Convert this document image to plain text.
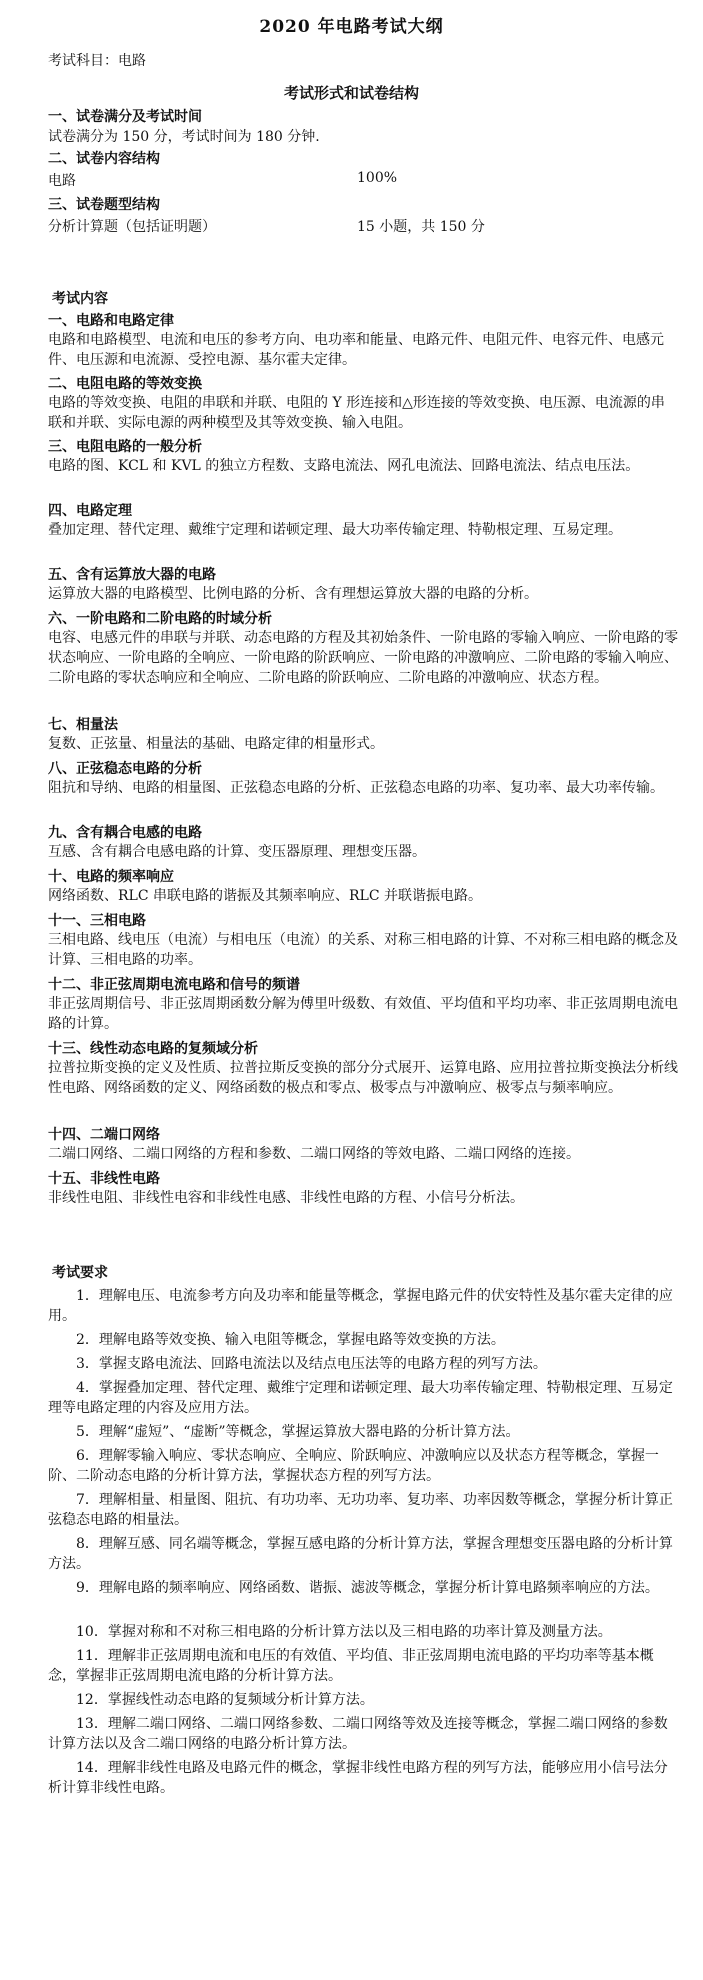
2020 年电路考试大纲
考试科目：电路
考试形式和试卷结构
一、试卷满分及考试时间
试卷满分为 150 分，考试时间为 180 分钟.
二、试卷内容结构
电路	100%
三、试卷题型结构
分析计算题（包括证明题）	15 小题，共 150 分
考试内容
一、电路和电路定律
电路和电路模型、电流和电压的参考方向、电功率和能量、电路元件、电阻元件、电容元件、电感元件、电压源和电流源、受控电源、基尔霍夫定律。
二、电阻电路的等效变换
电路的等效变换、电阻的串联和并联、电阻的 Y 形连接和△形连接的等效变换、电压源、电流源的串联和并联、实际电源的两种模型及其等效变换、输入电阻。
三、电阻电路的一般分析
电路的图、KCL 和 KVL 的独立方程数、支路电流法、网孔电流法、回路电流法、结点电压法。
四、电路定理
叠加定理、替代定理、戴维宁定理和诺顿定理、最大功率传输定理、特勒根定理、互易定理。
五、含有运算放大器的电路
运算放大器的电路模型、比例电路的分析、含有理想运算放大器的电路的分析。
六、一阶电路和二阶电路的时域分析
电容、电感元件的串联与并联、动态电路的方程及其初始条件、一阶电路的零输入响应、一阶电路的零状态响应、一阶电路的全响应、一阶电路的阶跃响应、一阶电路的冲激响应、二阶电路的零输入响应、二阶电路的零状态响应和全响应、二阶电路的阶跃响应、二阶电路的冲激响应、状态方程。
七、相量法
复数、正弦量、相量法的基础、电路定律的相量形式。
八、正弦稳态电路的分析
阻抗和导纳、电路的相量图、正弦稳态电路的分析、正弦稳态电路的功率、复功率、最大功率传输。
九、含有耦合电感的电路
互感、含有耦合电感电路的计算、变压器原理、理想变压器。
十、电路的频率响应
网络函数、RLC 串联电路的谐振及其频率响应、RLC 并联谐振电路。
十一、三相电路
三相电路、线电压（电流）与相电压（电流）的关系、对称三相电路的计算、不对称三相电路的概念及计算、三相电路的功率。
十二、非正弦周期电流电路和信号的频谱
非正弦周期信号、非正弦周期函数分解为傅里叶级数、有效值、平均值和平均功率、非正弦周期电流电路的计算。
十三、线性动态电路的复频域分析
拉普拉斯变换的定义及性质、拉普拉斯反变换的部分分式展开、运算电路、应用拉普拉斯变换法分析线性电路、网络函数的定义、网络函数的极点和零点、极零点与冲激响应、极零点与频率响应。
十四、二端口网络
二端口网络、二端口网络的方程和参数、二端口网络的等效电路、二端口网络的连接。
十五、非线性电路
非线性电阻、非线性电容和非线性电感、非线性电路的方程、小信号分析法。
考试要求
1．理解电压、电流参考方向及功率和能量等概念，掌握电路元件的伏安特性及基尔霍夫定律的应用。
2．理解电路等效变换、输入电阻等概念，掌握电路等效变换的方法。
3．掌握支路电流法、回路电流法以及结点电压法等的电路方程的列写方法。
4．掌握叠加定理、替代定理、戴维宁定理和诺顿定理、最大功率传输定理、特勒根定理、互易定理等电路定理的内容及应用方法。
5．理解“虚短”、“虚断”等概念，掌握运算放大器电路的分析计算方法。
6．理解零输入响应、零状态响应、全响应、阶跃响应、冲激响应以及状态方程等概念，掌握一阶、二阶动态电路的分析计算方法，掌握状态方程的列写方法。
7．理解相量、相量图、阻抗、有功功率、无功功率、复功率、功率因数等概念，掌握分析计算正弦稳态电路的相量法。
8．理解互感、同名端等概念，掌握互感电路的分析计算方法，掌握含理想变压器电路的分析计算方法。
9．理解电路的频率响应、网络函数、谐振、滤波等概念，掌握分析计算电路频率响应的方法。
10．掌握对称和不对称三相电路的分析计算方法以及三相电路的功率计算及测量方法。
11．理解非正弦周期电流和电压的有效值、平均值、非正弦周期电流电路的平均功率等基本概念，掌握非正弦周期电流电路的分析计算方法。
12．掌握线性动态电路的复频域分析计算方法。
13．理解二端口网络、二端口网络参数、二端口网络等效及连接等概念，掌握二端口网络的参数计算方法以及含二端口网络的电路分析计算方法。
14．理解非线性电路及电路元件的概念，掌握非线性电路方程的列写方法，能够应用小信号法分析计算非线性电路。
